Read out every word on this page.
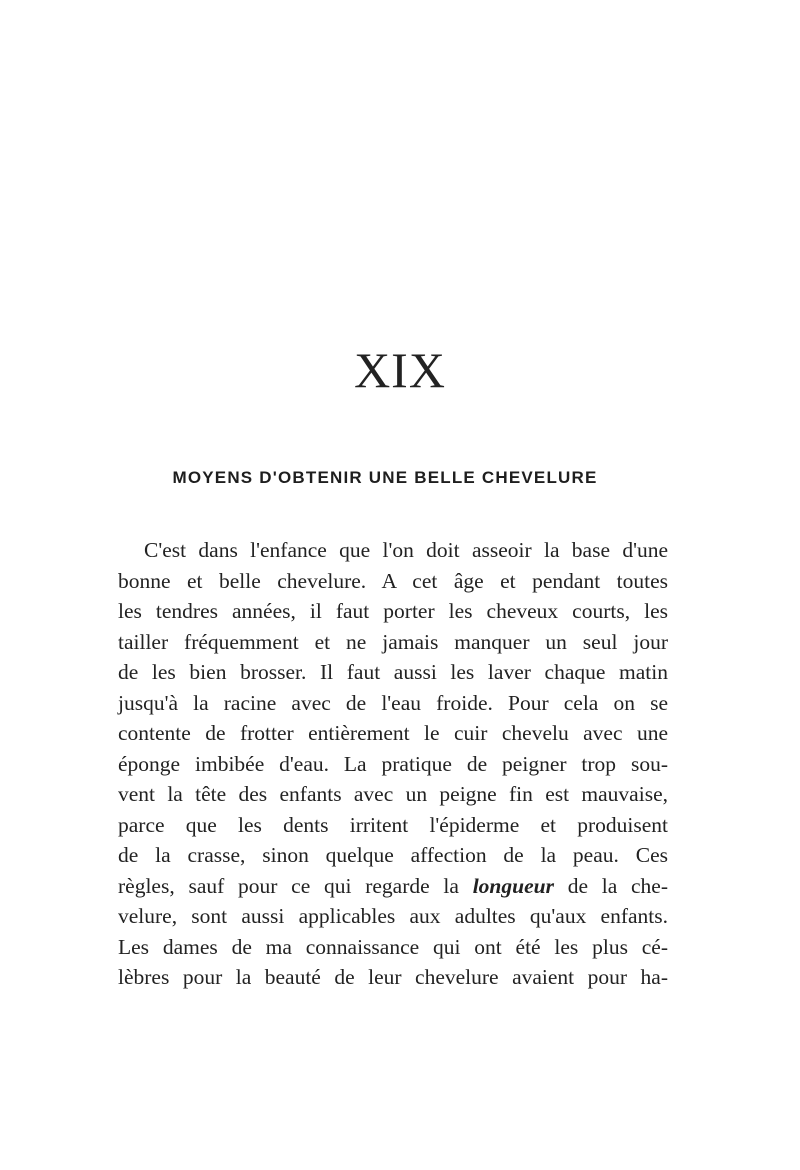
XIX
MOYENS D'OBTENIR UNE BELLE CHEVELURE
C'est dans l'enfance que l'on doit asseoir la base d'une
bonne et belle chevelure. A cet âge et pendant toutes
les tendres années, il faut porter les cheveux courts, les
tailler fréquemment et ne jamais manquer un seul jour
de les bien brosser. Il faut aussi les laver chaque matin
jusqu'à la racine avec de l'eau froide. Pour cela on se
contente de frotter entièrement le cuir chevelu avec une
éponge imbibée d'eau. La pratique de peigner trop sou-
vent la tête des enfants avec un peigne fin est mauvaise,
parce que les dents irritent l'épiderme et produisent
de la crasse, sinon quelque affection de la peau. Ces
règles, sauf pour ce qui regarde la longueur de la che-
velure, sont aussi applicables aux adultes qu'aux enfants.
Les dames de ma connaissance qui ont été les plus cé-
lèbres pour la beauté de leur chevelure avaient pour ha-
